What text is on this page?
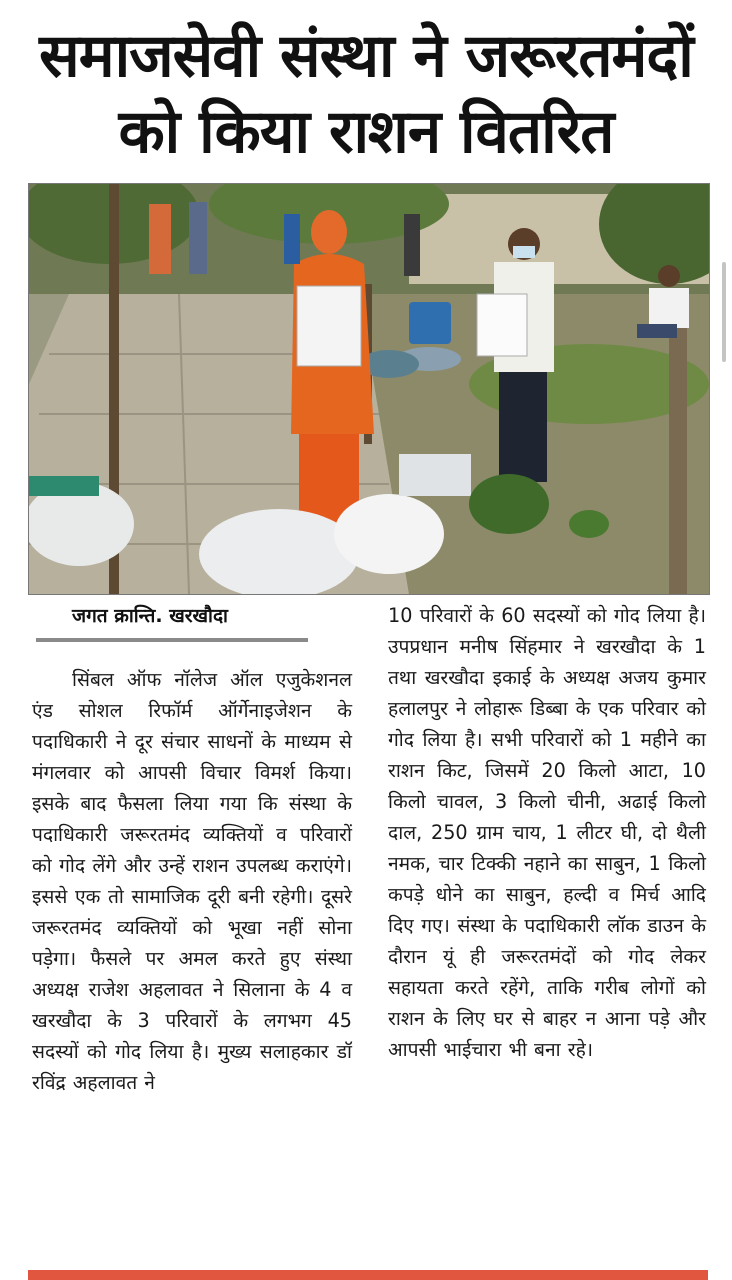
समाजसेवी संस्था ने जरूरतमंदों
को किया राशन वितरित
जगत क्रान्ति. खरखौदा

सिंबल ऑफ नॉलेज ऑल एजुकेशनल एंड सोशल रिफॉर्म ऑर्गेनाइजेशन के पदाधिकारी ने दूर संचार साधनों के माध्यम से मंगलवार को आपसी विचार विमर्श किया। इसके बाद फैसला लिया गया कि संस्था के पदाधिकारी जरूरतमंद व्यक्तियों व परिवारों को गोद लेंगे और उन्हें राशन उपलब्ध कराएंगे। इससे एक तो सामाजिक दूरी बनी रहेगी। दूसरे जरूरतमंद व्यक्तियों को भूखा नहीं सोना पड़ेगा। फैसले पर अमल करते हुए संस्था अध्यक्ष राजेश अहलावत ने सिलाना के 4 व खरखौदा के 3 परिवारों के लगभग 45 सदस्यों को गोद लिया है। मुख्य सलाहकार डॉ रविंद्र अहलावत ने

10 परिवारों के 60 सदस्यों को गोद लिया है। उपप्रधान मनीष सिंहमार ने खरखौदा के 1 तथा खरखौदा इकाई के अध्यक्ष अजय कुमार हलालपुर ने लोहारू डिब्बा के एक परिवार को गोद लिया है। सभी परिवारों को 1 महीने का राशन किट, जिसमें 20 किलो आटा, 10 किलो चावल, 3 किलो चीनी, अढाई किलो दाल, 250 ग्राम चाय, 1 लीटर घी, दो थैली नमक, चार टिक्की नहाने का साबुन, 1 किलो कपड़े धोने का साबुन, हल्दी व मिर्च आदि दिए गए। संस्था के पदाधिकारी लॉक डाउन के दौरान यूं ही जरूरतमंदों को गोद लेकर सहायता करते रहेंगे, ताकि गरीब लोगों को राशन के लिए घर से बाहर न आना पड़े और आपसी भाईचारा भी बना रहे।
